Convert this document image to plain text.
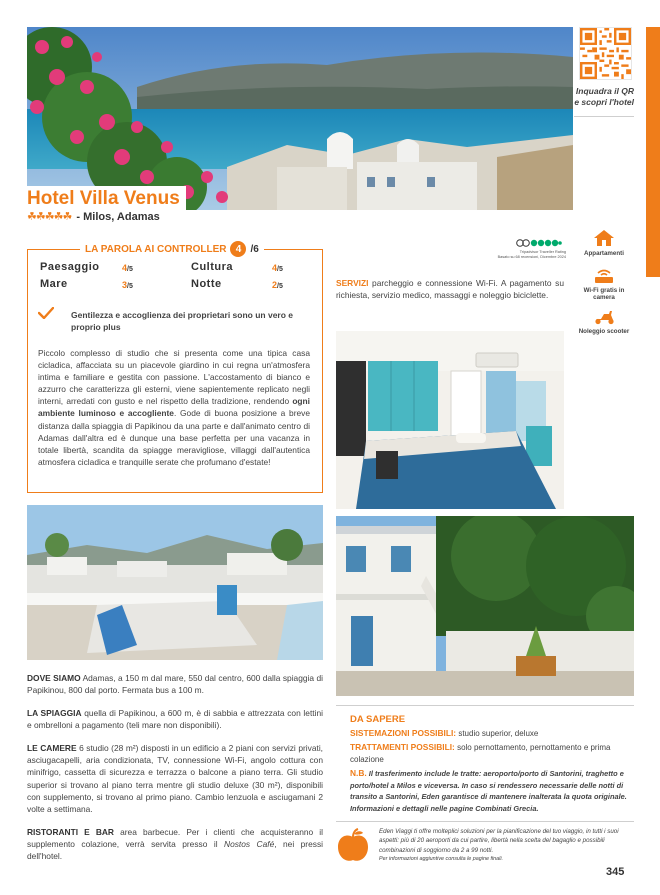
Inquadra il QR
e scopri l'hotel
Hotel Villa Venus
☘☘☘☘☘ - Milos, Adamas
LA PAROLA AI CONTROLLER 4 /6
Paesaggio 4/5	Cultura	4/5
Mare	3/5	Notte	2/5
Gentilezza e accoglienza dei proprietari sono un vero e proprio plus
Piccolo complesso di studio che si presenta come una tipica casa cicladica, affacciata su un piacevole giardino in cui regna un'atmosfera intima e familiare e gestita con passione. L'accostamento di bianco e azzurro che caratterizza gli esterni, viene sapientemente replicato negli interni, arredati con gusto e nel rispetto della tradizione, rendendo ogni ambiente luminoso e accogliente. Gode di buona posizione a breve distanza dalla spiaggia di Papikinou da una parte e dall'animato centro di Adamas dall'altra ed è dunque una base perfetta per una vacanza in totale libertà, scandita da spiagge meravigliose, villaggi dall'autentica atmosfera cicladica e tranquille serate che profumano d'estate!
Tripadvisor Traveller Rating
Basato su 68 recensioni, Dicembre 2024
SERVIZI parcheggio e connessione Wi-Fi. A pagamento su richiesta, servizio medico, massaggi e noleggio biciclette.
Appartamenti
Wi-Fi gratis in camera
Noleggio scooter
DOVE SIAMO Adamas, a 150 m dal mare, 550 dal centro, 600 dalla spiaggia di Papikinou, 800 dal porto. Fermata bus a 100 m.
LA SPIAGGIA quella di Papikinou, a 600 m, è di sabbia e attrezzata con lettini e ombrelloni a pagamento (teli mare non disponibili).
LE CAMERE 6 studio (28 m²) disposti in un edificio a 2 piani con servizi privati, asciugacapelli, aria condizionata, TV, connessione Wi-Fi, angolo cottura con minifrigo, cassetta di sicurezza e terrazza o balcone a piano terra. Gli studio superior si trovano al piano terra mentre gli studio deluxe (30 m²), disponibili con supplemento, si trovano al primo piano. Cambio lenzuola e asciugamani 2 volte a settimana.
RISTORANTI E BAR area barbecue. Per i clienti che acquisteranno il supplemento colazione, verrà servita presso il Nostos Café, nei pressi dell'hotel.
DA SAPERE
SISTEMAZIONI POSSIBILI: studio superior, deluxe
TRATTAMENTI POSSIBILI: solo pernottamento, pernottamento e prima colazione
N.B. Il trasferimento include le tratte: aeroporto/porto di Santorini, traghetto e porto/hotel a Milos e viceversa. In caso si rendessero necessarie delle notti di transito a Santorini, Eden garantisce di mantenere inalterata la quota originale. Informazioni e dettagli nelle pagine Combinati Grecia.
Eden Viaggi ti offre molteplici soluzioni per la pianificazione del tuo viaggio, in tutti i suoi aspetti: più di 20 aeroporti da cui partire, libertà nella scelta del bagaglio e possibili combinazioni di soggiorno da 2 a 99 notti.
Per informazioni aggiuntive consulta le pagine finali.
345
